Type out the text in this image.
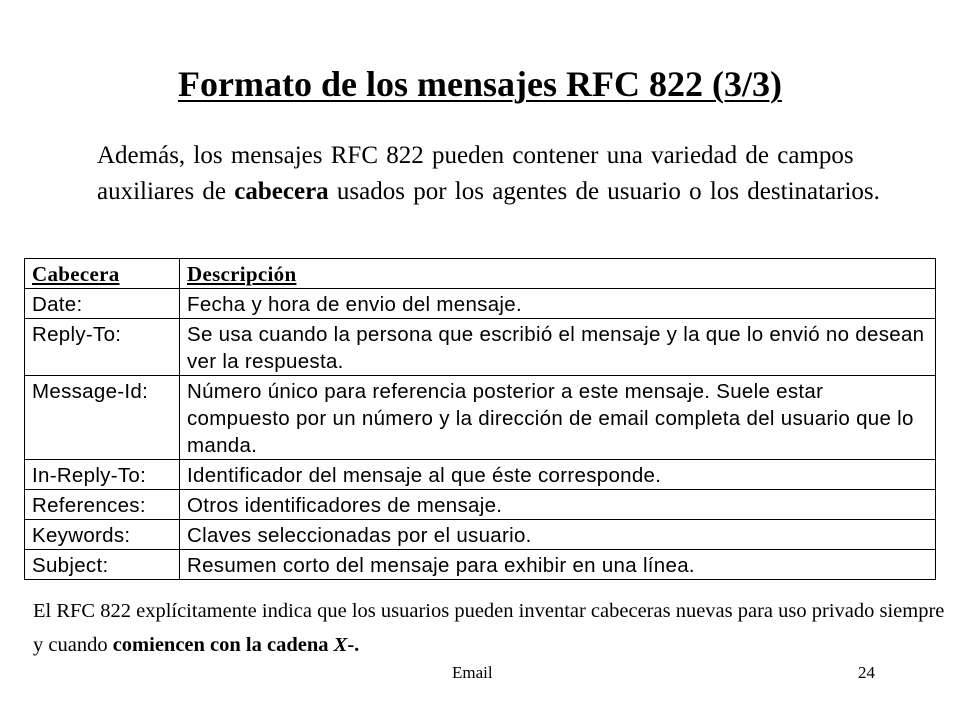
Formato de los mensajes RFC 822 (3/3)

Además, los mensajes RFC 822 pueden contener una variedad de campos auxiliares de cabecera usados por los agentes de usuario o los destinatarios.

Cabecera	Descripción
Date:	Fecha y hora de envio del mensaje.
Reply-To:	Se usa cuando la persona que escribió el mensaje y la que lo envió no desean ver la respuesta.
Message-Id:	Número único para referencia posterior a este mensaje. Suele estar compuesto por un número y la dirección de email completa del usuario que lo manda.
In-Reply-To:	Identificador del mensaje al que éste corresponde.
References:	Otros identificadores de mensaje.
Keywords:	Claves seleccionadas por el usuario.
Subject:	Resumen corto del mensaje para exhibir en una línea.

El RFC 822 explícitamente indica que los usuarios pueden inventar cabeceras nuevas para uso privado siempre y cuando comiencen con la cadena X-.

Email	24
